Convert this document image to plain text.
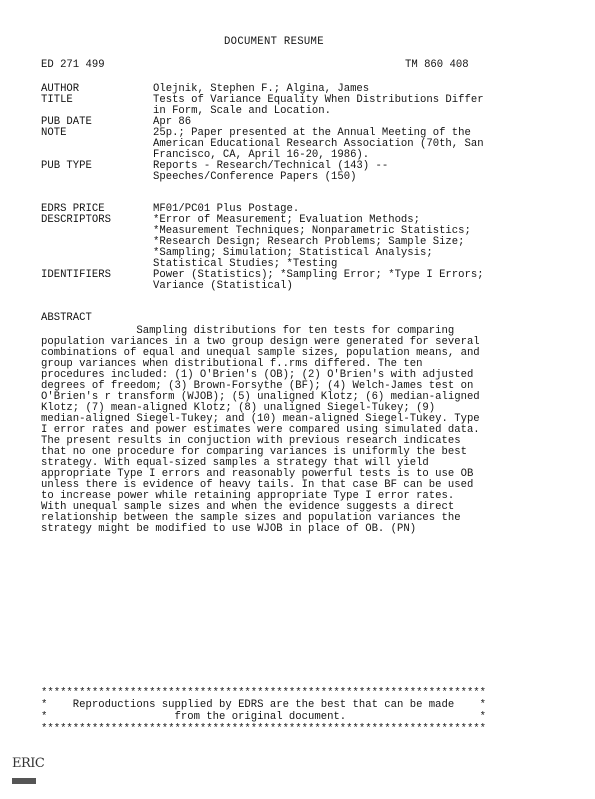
DOCUMENT RESUME
ED 271 499	TM 860 408
AUTHOR	Olejnik, Stephen F.; Algina, James
TITLE	Tests of Variance Equality When Distributions Differ
in Form, Scale and Location.
PUB DATE	Apr 86
NOTE	25p.; Paper presented at the Annual Meeting of the
American Educational Research Association (70th, San
Francisco, CA, April 16-20, 1986).
PUB TYPE	Reports - Research/Technical (143) --
Speeches/Conference Papers (150)
EDRS PRICE	MF01/PC01 Plus Postage.
DESCRIPTORS	*Error of Measurement; Evaluation Methods;
*Measurement Techniques; Nonparametric Statistics;
*Research Design; Research Problems; Sample Size;
*Sampling; Simulation; Statistical Analysis;
Statistical Studies; *Testing
IDENTIFIERS	Power (Statistics); *Sampling Error; *Type I Errors;
Variance (Statistical)
ABSTRACT
Sampling distributions for ten tests for comparing
population variances in a two group design were generated for several
combinations of equal and unequal sample sizes, population means, and
group variances when distributional f..rms differed. The ten
procedures included: (1) O'Brien's (OB); (2) O'Brien's with adjusted
degrees of freedom; (3) Brown-Forsythe (BF); (4) Welch-James test on
O'Brien's r transform (WJOB); (5) unaligned Klotz; (6) median-aligned
Klotz; (7) mean-aligned Klotz; (8) unaligned Siegel-Tukey; (9)
median-aligned Siegel-Tukey; and (10) mean-aligned Siegel-Tukey. Type
I error rates and power estimates were compared using simulated data.
The present results in conjuction with previous research indicates
that no one procedure for comparing variances is uniformly the best
strategy. With equal-sized samples a strategy that will yield
appropriate Type I errors and reasonably powerful tests is to use OB
unless there is evidence of heavy tails. In that case BF can be used
to increase power while retaining appropriate Type I error rates.
With unequal sample sizes and when the evidence suggests a direct
relationship between the sample sizes and population variances the
strategy might be modified to use WJOB in place of OB. (PN)
**********************************************************************
*    Reproductions supplied by EDRS are the best that can be made    *
*                    from the original document.                     *
**********************************************************************
ERIC
